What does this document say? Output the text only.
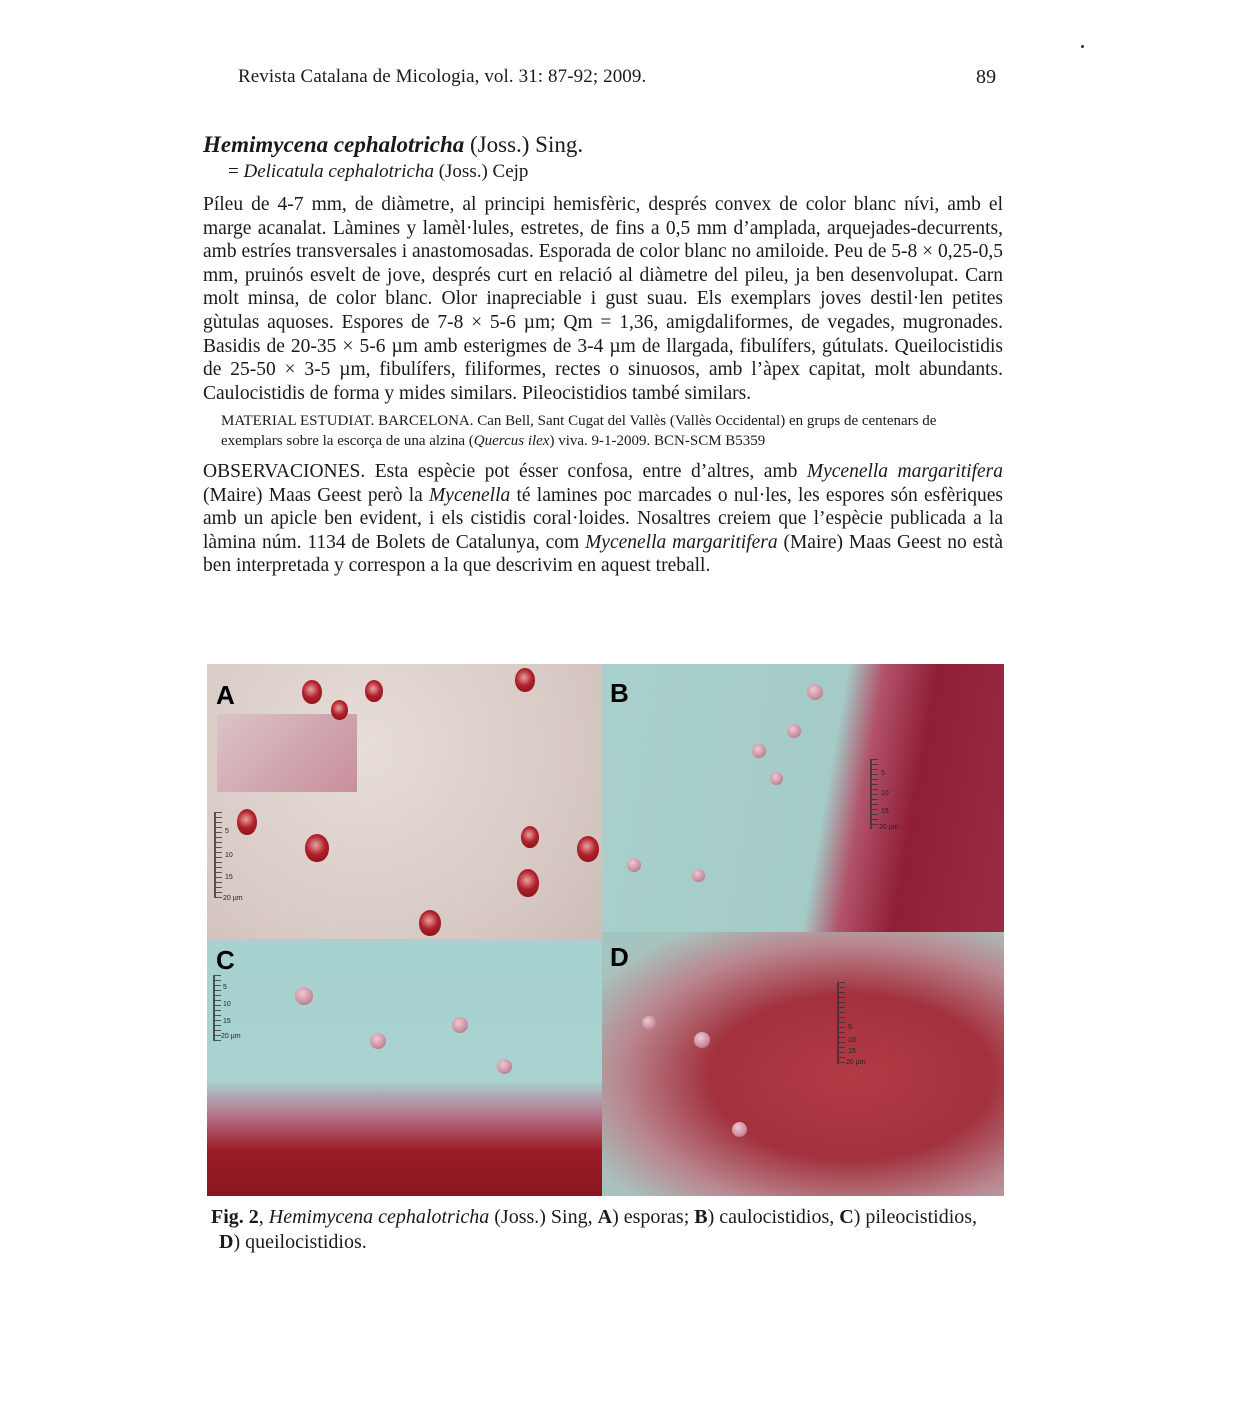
Revista Catalana de Micologia, vol. 31: 87-92; 2009.	89
Hemimycena cephalotricha (Joss.) Sing.
= Delicatula cephalotricha (Joss.) Cejp

Píleu de 4-7 mm, de diàmetre, al principi hemisfèric, després convex de color blanc nívi, amb el marge acanalat. Làmines y lamèl·lules, estretes, de fins a 0,5 mm d’amplada, arquejades-decurrents, amb estríes transversales i anastomosadas. Esporada de color blanc no amiloide. Peu de 5-8 × 0,25-0,5 mm, pruinós esvelt de jove, després curt en relació al diàmetre del pileu, ja ben desenvolupat. Carn molt minsa, de color blanc. Olor inapreciable i gust suau. Els exemplars joves destil·len petites gùtulas aquoses. Espores de 7-8 × 5-6 µm; Qm = 1,36, amigdaliformes, de vegades, mugronades. Basidis de 20-35 × 5-6 µm amb esterigmes de 3-4 µm de llargada, fibulífers, gútulats. Queilocistidis de 25-50 × 3-5 µm, fibulífers, filiformes, rectes o sinuosos, amb l’àpex capitat, molt abundants. Caulocistidis de forma y mides similars. Pileocistidios també similars.

MATERIAL ESTUDIAT. BARCELONA. Can Bell, Sant Cugat del Vallès (Vallès Occidental) en grups de centenars de exemplars sobre la escorça de una alzina (Quercus ilex) viva. 9-1-2009. BCN-SCM B5359

OBSERVACIONES. Esta espècie pot ésser confosa, entre d’altres, amb Mycenella margaritifera (Maire) Maas Geest però la Mycenella té lamines poc marcades o nul·les, les espores són esfèriques amb un apicle ben evident, i els cistidis coral·loides. Nosaltres creiem que l’espècie publicada a la làmina núm. 1134 de Bolets de Catalunya, com Mycenella margaritifera (Maire) Maas Geest no està ben interpretada y correspon a la que descrivim en aquest treball.

A
5
10
15
20 µm
B
5
10
15
20 µm
C
5
10
15
20 µm
D
5
10
15
20 µm

Fig. 2, Hemimycena cephalotricha (Joss.) Sing, A) esporas; B) caulocistidios, C) pileocistidios,
D) queilocistidios.
